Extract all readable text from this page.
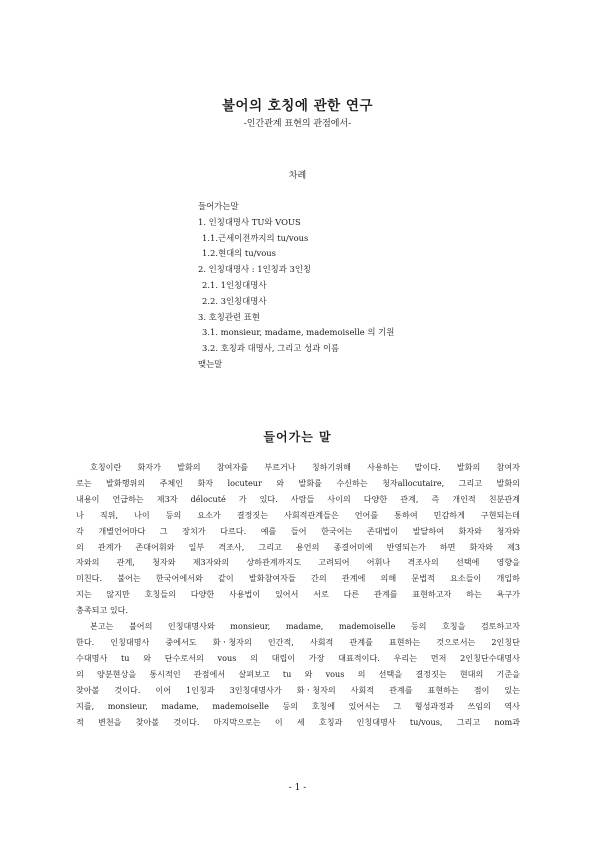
불어의 호칭에 관한 연구
-인간관계 표현의 관점에서-
차례
들어가는말
1. 인칭대명사 TU와 VOUS
1.1.근세이전까지의 tu/vous
1.2.현대의 tu/vous
2. 인칭대명사 : 1인칭과 3인칭
2.1. 1인칭대명사
2.2. 3인칭대명사
3. 호칭관련 표현
3.1. monsieur, madame, mademoiselle 의 기원
3.2. 호칭과 대명사, 그리고 성과 이름
맺는말
들어가는 말

호칭이란 화자가 발화의 참여자를 부르거나 칭하기위해 사용하는 말이다. 발화의 참여자
로는 발화행위의 주체인 화자 locuteur 와 발화를 수신하는 청자allocutaire, 그리고 발화의
내용이 언급하는 제3자 délocuté 가 있다. 사람들 사이의 다양한 관계, 즉 개인적 친분관계
나 직위, 나이 등의 요소가 결정짓는 사회적관계들은 언어를 통하여 민감하게 구현되는데
각 개별언어마다 그 장치가 다르다. 예를 들어 한국어는 존대법이 발달하여 화자와 청자와
의 관계가 존대어휘와 일부 격조사, 그리고 용언의 종결어미에 반영되는가 하면 화자와 제3
자와의 관계, 청자와 제3자와의 상하관계까지도 고려되어 어휘나 격조사의 선택에 영향을
미친다. 불어는 한국어에서와 같이 발화참여자들 간의 관계에 의해 문법적 요소들이 개입하
지는 않지만 호칭들의 다양한 사용법이 있어서 서로 다른 관계를 표현하고자 하는 욕구가
충족되고 있다.

본고는 불어의 인칭대명사와 monsieur, madame, mademoiselle 등의 호칭을 검토하고자
한다. 인칭대명사 중에서도 화ㆍ청자의 인간적, 사회적 관계를 표현하는 것으로서는 2인칭단
수대명사 tu 와 단수로서의 vous 의 대립이 가장 대표적이다. 우리는 먼저 2인칭단수대명사
의 양분현상을 통시적인 관점에서 살펴보고 tu 와 vous 의 선택을 결정짓는 현대의 기준을
찾아볼 것이다. 이어 1인칭과 3인칭대명사가 화ㆍ청자의 사회적 관계를 표현하는 점이 있는
지를, monsieur, madame, mademoiselle 등의 호칭에 있어서는 그 형성과정과 쓰임의 역사
적 변천을 찾아볼 것이다. 마지막으로는 이 세 호칭과 인칭대명사 tu/vous, 그리고 nom과

- 1 -
